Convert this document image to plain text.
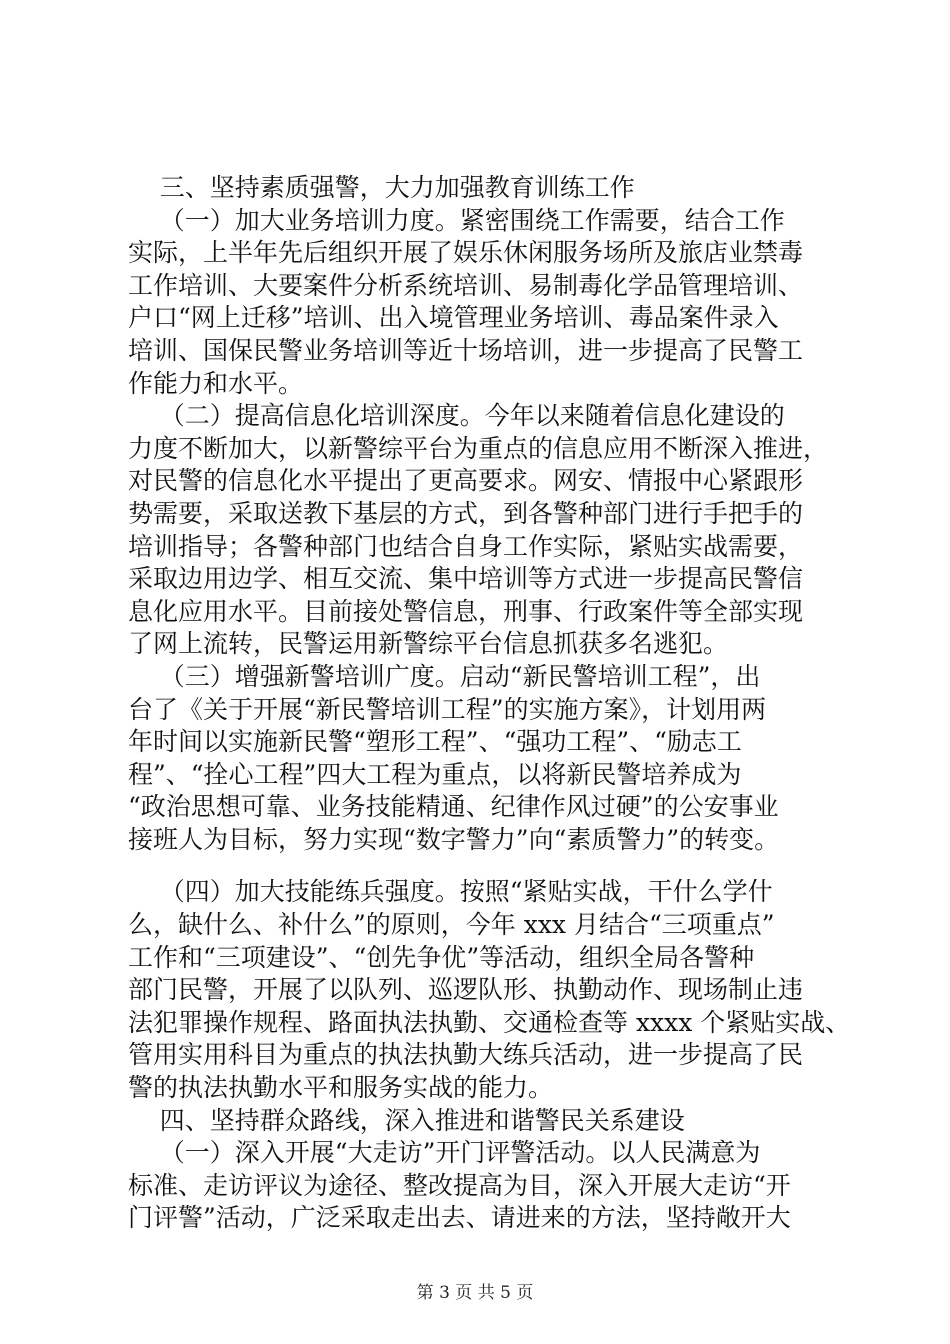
三、坚持素质强警，大力加强教育训练工作
（一）加大业务培训力度。紧密围绕工作需要，结合工作
实际，上半年先后组织开展了娱乐休闲服务场所及旅店业禁毒
工作培训、大要案件分析系统培训、易制毒化学品管理培训、
户口“网上迁移”培训、出入境管理业务培训、毒品案件录入
培训、国保民警业务培训等近十场培训，进一步提高了民警工
作能力和水平。
（二）提高信息化培训深度。今年以来随着信息化建设的
力度不断加大，以新警综平台为重点的信息应用不断深入推进，
对民警的信息化水平提出了更高要求。网安、情报中心紧跟形
势需要，采取送教下基层的方式，到各警种部门进行手把手的
培训指导；各警种部门也结合自身工作实际，紧贴实战需要，
采取边用边学、相互交流、集中培训等方式进一步提高民警信
息化应用水平。目前接处警信息，刑事、行政案件等全部实现
了网上流转，民警运用新警综平台信息抓获多名逃犯。
（三）增强新警培训广度。启动“新民警培训工程”，出
台了《关于开展“新民警培训工程”的实施方案》，计划用两
年时间以实施新民警“塑形工程”、“强功工程”、“励志工
程”、“拴心工程”四大工程为重点，以将新民警培养成为
“政治思想可靠、业务技能精通、纪律作风过硬”的公安事业
接班人为目标，努力实现“数字警力”向“素质警力”的转变。
（四）加大技能练兵强度。按照“紧贴实战，干什么学什
么，缺什么、补什么”的原则，今年 xxx 月结合“三项重点”
工作和“三项建设”、“创先争优”等活动，组织全局各警种
部门民警，开展了以队列、巡逻队形、执勤动作、现场制止违
法犯罪操作规程、路面执法执勤、交通检查等 xxxx 个紧贴实战、
管用实用科目为重点的执法执勤大练兵活动，进一步提高了民
警的执法执勤水平和服务实战的能力。
四、坚持群众路线，深入推进和谐警民关系建设
（一）深入开展“大走访”开门评警活动。以人民满意为
标准、走访评议为途径、整改提高为目，深入开展大走访“开
门评警”活动，广泛采取走出去、请进来的方法，坚持敞开大
第 3 页 共 5 页
